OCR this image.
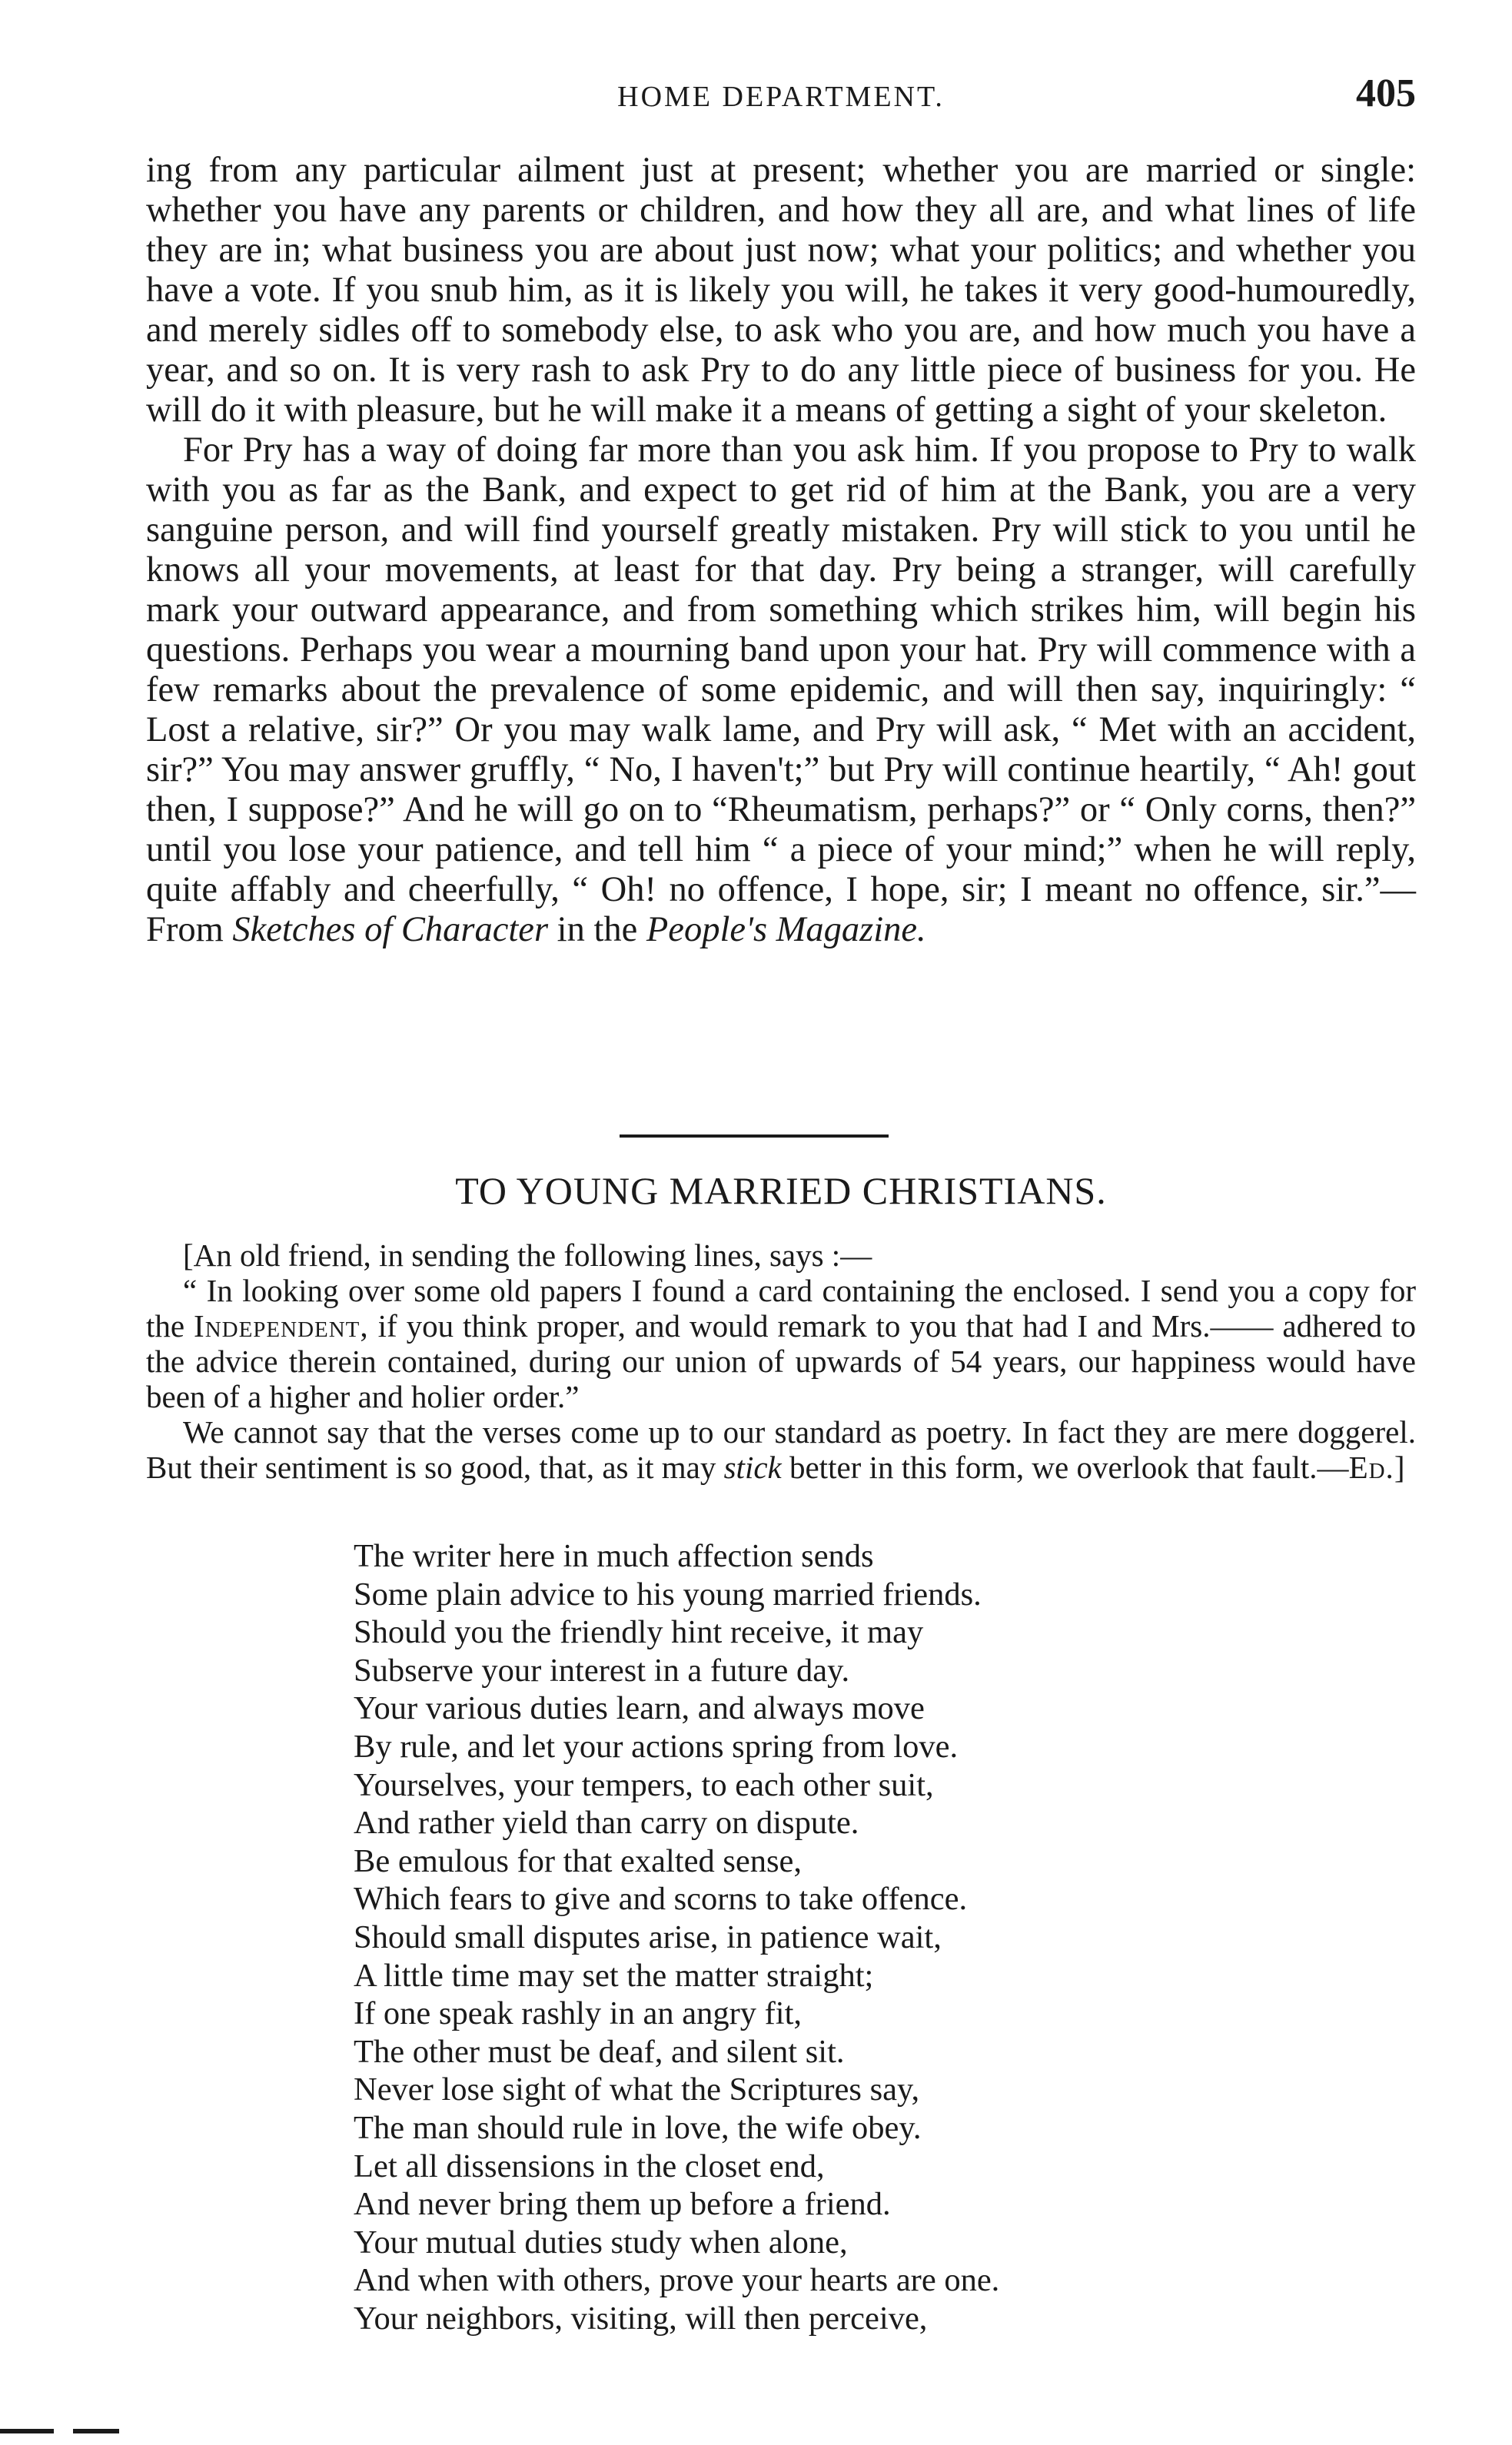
HOME DEPARTMENT.	405

ing from any particular ailment just at present; whether you are married or single: whether you have any parents or children, and how they all are, and what lines of life they are in; what business you are about just now; what your politics; and whether you have a vote. If you snub him, as it is likely you will, he takes it very good-humouredly, and merely sidles off to somebody else, to ask who you are, and how much you have a year, and so on. It is very rash to ask Pry to do any little piece of business for you. He will do it with pleasure, but he will make it a means of getting a sight of your skeleton.

For Pry has a way of doing far more than you ask him. If you propose to Pry to walk with you as far as the Bank, and expect to get rid of him at the Bank, you are a very sanguine person, and will find yourself greatly mistaken. Pry will stick to you until he knows all your movements, at least for that day. Pry being a stranger, will carefully mark your outward appearance, and from something which strikes him, will begin his questions. Perhaps you wear a mourning band upon your hat. Pry will commence with a few remarks about the prevalence of some epidemic, and will then say, inquiringly: “ Lost a relative, sir?” Or you may walk lame, and Pry will ask, “ Met with an accident, sir?” You may answer gruffly, “ No, I haven't;” but Pry will continue heartily, “ Ah! gout then, I suppose?” And he will go on to “Rheumatism, perhaps?” or “ Only corns, then?” until you lose your patience, and tell him “ a piece of your mind;” when he will reply, quite affably and cheerfully, “ Oh! no offence, I hope, sir; I meant no offence, sir.”—From Sketches of Character in the People's Magazine.

TO YOUNG MARRIED CHRISTIANS.

[An old friend, in sending the following lines, says :—

“ In looking over some old papers I found a card containing the enclosed. I send you a copy for the Independent, if you think proper, and would remark to you that had I and Mrs.—— adhered to the advice therein contained, during our union of upwards of 54 years, our happiness would have been of a higher and holier order.”

We cannot say that the verses come up to our standard as poetry. In fact they are mere doggerel. But their sentiment is so good, that, as it may stick better in this form, we overlook that fault.—Ed.]

The writer here in much affection sends
Some plain advice to his young married friends.
Should you the friendly hint receive, it may
Subserve your interest in a future day.
Your various duties learn, and always move
By rule, and let your actions spring from love.
Yourselves, your tempers, to each other suit,
And rather yield than carry on dispute.
Be emulous for that exalted sense,
Which fears to give and scorns to take offence.
Should small disputes arise, in patience wait,
A little time may set the matter straight;
If one speak rashly in an angry fit,
The other must be deaf, and silent sit.
Never lose sight of what the Scriptures say,
The man should rule in love, the wife obey.
Let all dissensions in the closet end,
And never bring them up before a friend.
Your mutual duties study when alone,
And when with others, prove your hearts are one.
Your neighbors, visiting, will then perceive,
